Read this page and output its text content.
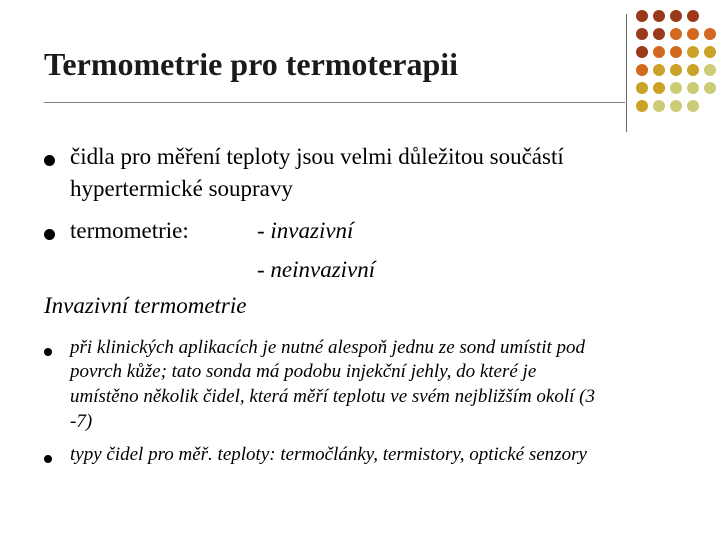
Termometrie pro termoterapii
čidla pro měření teploty jsou velmi důležitou součástí
hypertermické soupravy
termometrie:	- invazivní
- neinvazivní
Invazivní termometrie
při klinických aplikacích je nutné alespoň jednu ze sond umístit pod
povrch kůže; tato sonda má podobu injekční jehly, do které je
umístěno několik čidel, která měří teplotu ve svém nejbližším okolí (3
-7)
typy čidel pro měř. teploty: termočlánky, termistory, optické senzory
